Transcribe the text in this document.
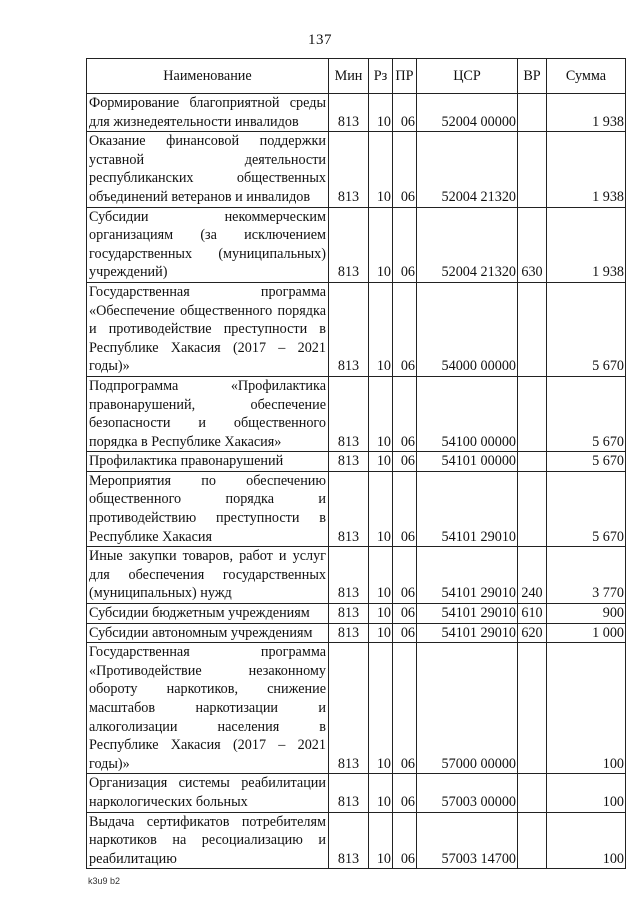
137
Наименование	Мин	Рз	ПР	ЦСР	ВР	Сумма
Формирование благоприятной среды для жизнедеятельности инвалидов	813	10	06	52004 00000		1 938
Оказание финансовой поддержки уставной деятельности республиканских общественных объединений ветеранов и инвалидов	813	10	06	52004 21320		1 938
Субсидии некоммерческим организациям (за исключением государственных (муниципальных) учреждений)	813	10	06	52004 21320	630	1 938
Государственная программа «Обеспечение общественного порядка и противодействие преступности в Республике Хакасия (2017 – 2021 годы)»	813	10	06	54000 00000		5 670
Подпрограмма «Профилактика правонарушений, обеспечение безопасности и общественного порядка в Республике Хакасия»	813	10	06	54100 00000		5 670
Профилактика правонарушений	813	10	06	54101 00000		5 670
Мероприятия по обеспечению общественного порядка и противодействию преступности в Республике Хакасия	813	10	06	54101 29010		5 670
Иные закупки товаров, работ и услуг для обеспечения государственных (муниципальных) нужд	813	10	06	54101 29010	240	3 770
Субсидии бюджетным учреждениям	813	10	06	54101 29010	610	900
Субсидии автономным учреждениям	813	10	06	54101 29010	620	1 000
Государственная программа «Противодействие незаконному обороту наркотиков, снижение масштабов наркотизации и алкоголизации населения в Республике Хакасия (2017 – 2021 годы)»	813	10	06	57000 00000		100
Организация системы реабилитации наркологических больных	813	10	06	57003 00000		100
Выдача сертификатов потребителям наркотиков на ресоциализацию и реабилитацию	813	10	06	57003 14700		100
k3u9 b2
